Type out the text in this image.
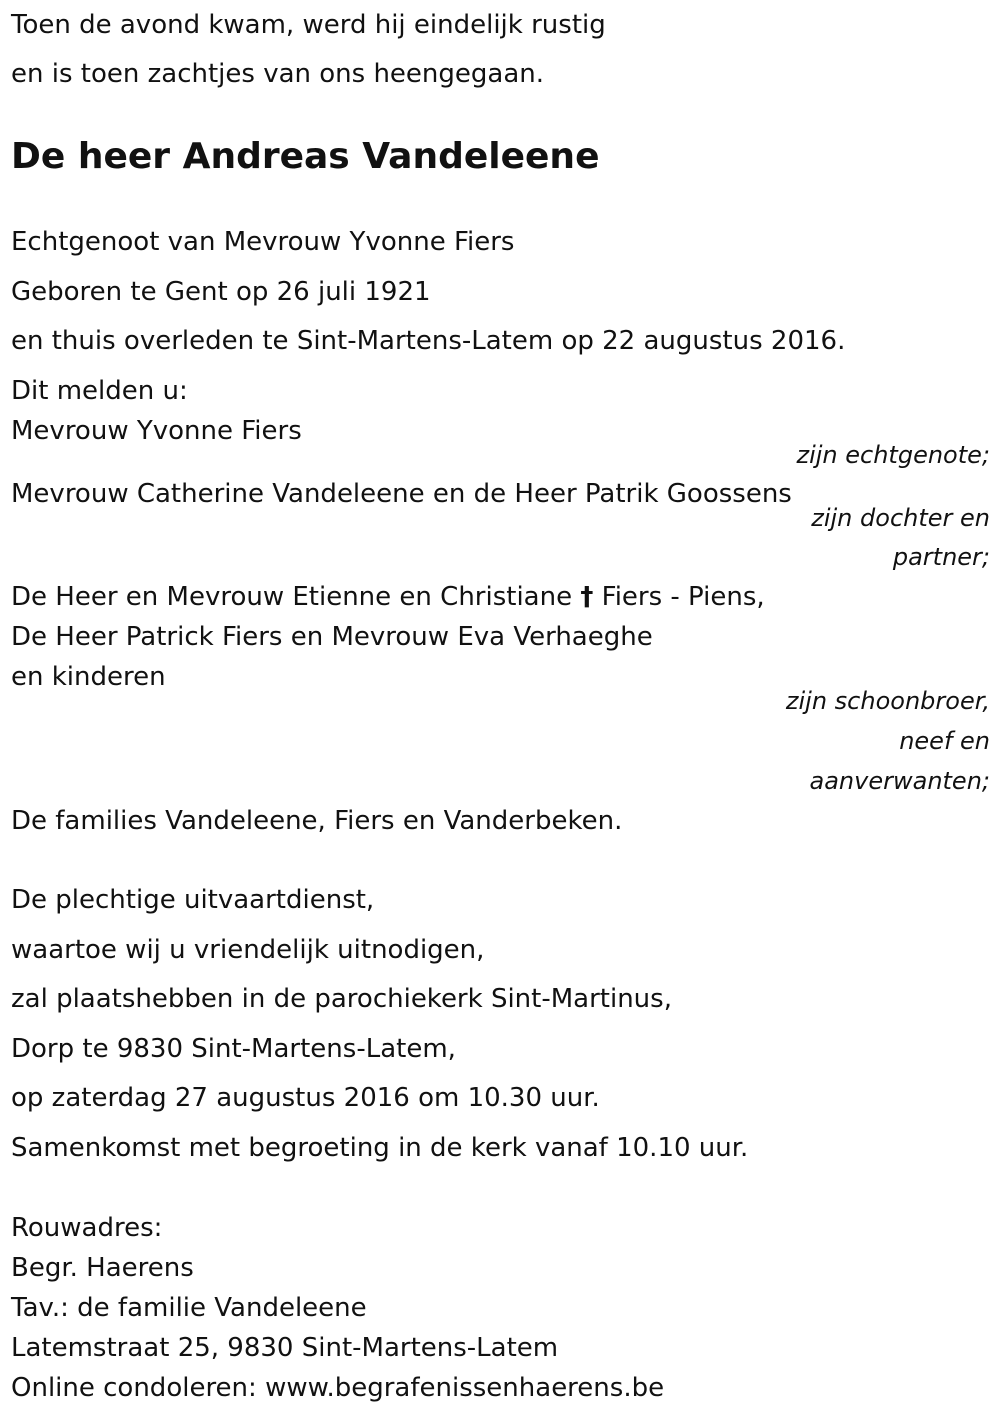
Toen de avond kwam, werd hij eindelijk rustig

en is toen zachtjes van ons heengegaan.

De heer Andreas Vandeleene

Echtgenoot van Mevrouw Yvonne Fiers

Geboren te Gent op 26 juli 1921

en thuis overleden te Sint-Martens-Latem op 22 augustus 2016.

Dit melden u:

Mevrouw Yvonne Fiers

zijn echtgenote;

Mevrouw Catherine Vandeleene en de Heer Patrik Goossens

zijn dochter en

partner;

De Heer en Mevrouw Etienne en Christiane † Fiers - Piens,

De Heer Patrick Fiers en Mevrouw Eva Verhaeghe

en kinderen

zijn schoonbroer,

neef en

aanverwanten;

De families Vandeleene, Fiers en Vanderbeken.

De plechtige uitvaartdienst,

waartoe wij u vriendelijk uitnodigen,

zal plaatshebben in de parochiekerk Sint-Martinus,

Dorp te 9830 Sint-Martens-Latem,

op zaterdag 27 augustus 2016 om 10.30 uur.

Samenkomst met begroeting in de kerk vanaf 10.10 uur.

Rouwadres:

Begr. Haerens

Tav.: de familie Vandeleene

Latemstraat 25, 9830 Sint-Martens-Latem

Online condoleren: www.begrafenissenhaerens.be
